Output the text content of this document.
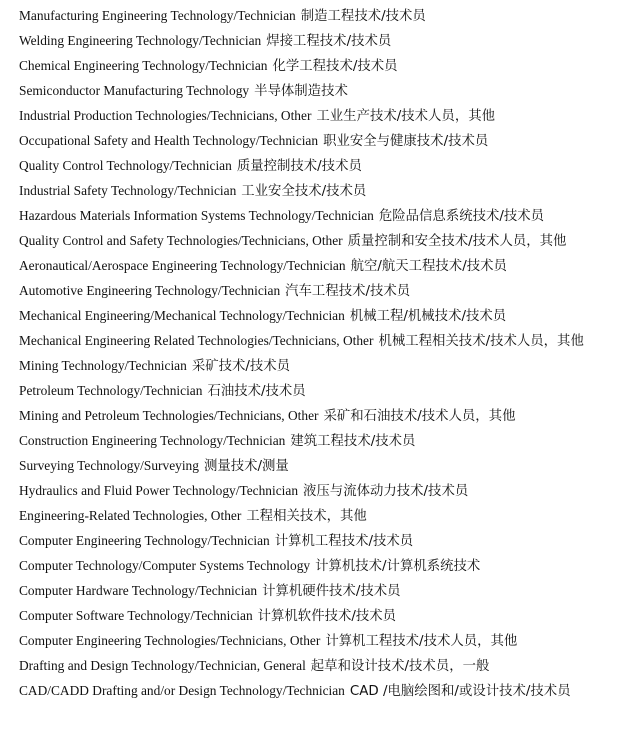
Manufacturing Engineering Technology/Technician 制造工程技术/技术员
Welding Engineering Technology/Technician 焊接工程技术/技术员
Chemical Engineering Technology/Technician 化学工程技术/技术员
Semiconductor Manufacturing Technology 半导体制造技术
Industrial Production Technologies/Technicians, Other 工业生产技术/技术人员，其他
Occupational Safety and Health Technology/Technician 职业安全与健康技术/技术员
Quality Control Technology/Technician 质量控制技术/技术员
Industrial Safety Technology/Technician 工业安全技术/技术员
Hazardous Materials Information Systems Technology/Technician 危险品信息系统技术/技术员
Quality Control and Safety Technologies/Technicians, Other 质量控制和安全技术/技术人员，其他
Aeronautical/Aerospace Engineering Technology/Technician 航空/航天工程技术/技术员
Automotive Engineering Technology/Technician 汽车工程技术/技术员
Mechanical Engineering/Mechanical Technology/Technician 机械工程/机械技术/技术员
Mechanical Engineering Related Technologies/Technicians, Other 机械工程相关技术/技术人员，其他
Mining Technology/Technician 采矿技术/技术员
Petroleum Technology/Technician 石油技术/技术员
Mining and Petroleum Technologies/Technicians, Other 采矿和石油技术/技术人员，其他
Construction Engineering Technology/Technician 建筑工程技术/技术员
Surveying Technology/Surveying 测量技术/测量
Hydraulics and Fluid Power Technology/Technician 液压与流体动力技术/技术员
Engineering-Related Technologies, Other 工程相关技术，其他
Computer Engineering Technology/Technician 计算机工程技术/技术员
Computer Technology/Computer Systems Technology 计算机技术/计算机系统技术
Computer Hardware Technology/Technician 计算机硬件技术/技术员
Computer Software Technology/Technician 计算机软件技术/技术员
Computer Engineering Technologies/Technicians, Other 计算机工程技术/技术人员，其他
Drafting and Design Technology/Technician, General 起草和设计技术/技术员，一般
CAD/CADD Drafting and/or Design Technology/Technician CAD /电脑绘图和/或设计技术/技术员
